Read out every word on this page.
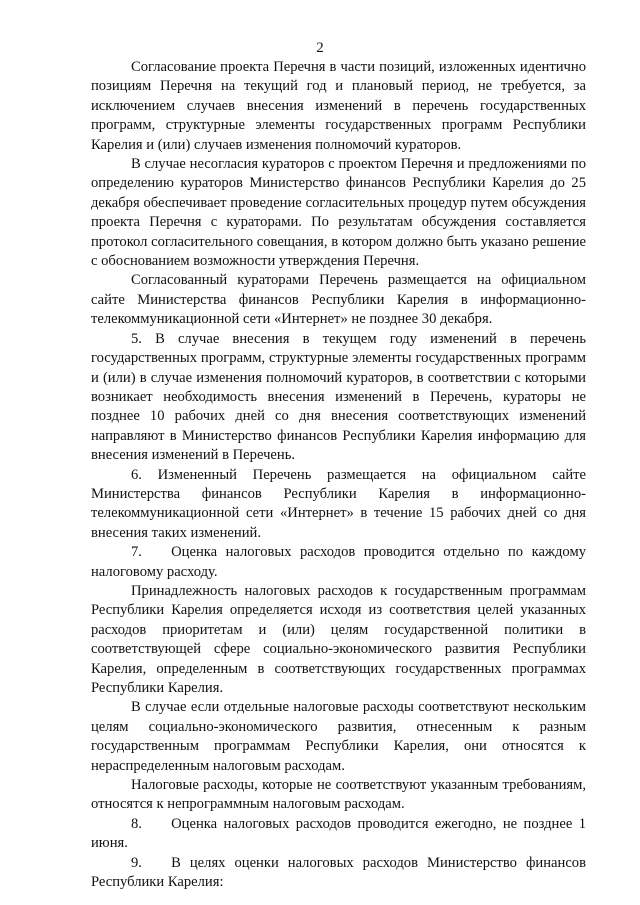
2

Согласование проекта Перечня в части позиций, изложенных идентично позициям Перечня на текущий год и плановый период, не требуется, за исключением случаев внесения изменений в перечень государственных программ, структурные элементы государственных программ Республики Карелия и (или) случаев изменения полномочий кураторов.

В случае несогласия кураторов с проектом Перечня и предложениями по определению кураторов Министерство финансов Республики Карелия до 25 декабря обеспечивает проведение согласительных процедур путем обсуждения проекта Перечня с кураторами. По результатам обсуждения составляется протокол согласительного совещания, в котором должно быть указано решение с обоснованием возможности утверждения Перечня.

Согласованный кураторами Перечень размещается на официальном сайте Министерства финансов Республики Карелия в информационно-телекоммуникационной сети «Интернет» не позднее 30 декабря.

5. В случае внесения в текущем году изменений в перечень государственных программ, структурные элементы государственных программ и (или) в случае изменения полномочий кураторов, в соответствии с которыми возникает необходимость внесения изменений в Перечень, кураторы не позднее 10 рабочих дней со дня внесения соответствующих изменений направляют в Министерство финансов Республики Карелия информацию для внесения изменений в Перечень.

6. Измененный Перечень размещается на официальном сайте Министерства финансов Республики Карелия в информационно-телекоммуникационной сети «Интернет» в течение 15 рабочих дней со дня внесения таких изменений.

7.  Оценка налоговых расходов проводится отдельно по каждому налоговому расходу.

Принадлежность налоговых расходов к государственным программам Республики Карелия определяется исходя из соответствия целей указанных расходов приоритетам и (или) целям государственной политики в соответствующей сфере социально-экономического развития Республики Карелия, определенным в соответствующих государственных программах Республики Карелия.

В случае если отдельные налоговые расходы соответствуют нескольким целям социально-экономического развития, отнесенным к разным государственным программам Республики Карелия, они относятся к нераспределенным налоговым расходам.

Налоговые расходы, которые не соответствуют указанным требованиям, относятся к непрограммным налоговым расходам.

8.  Оценка налоговых расходов проводится ежегодно, не позднее 1 июня.

9.  В целях оценки налоговых расходов Министерство финансов Республики Карелия:
